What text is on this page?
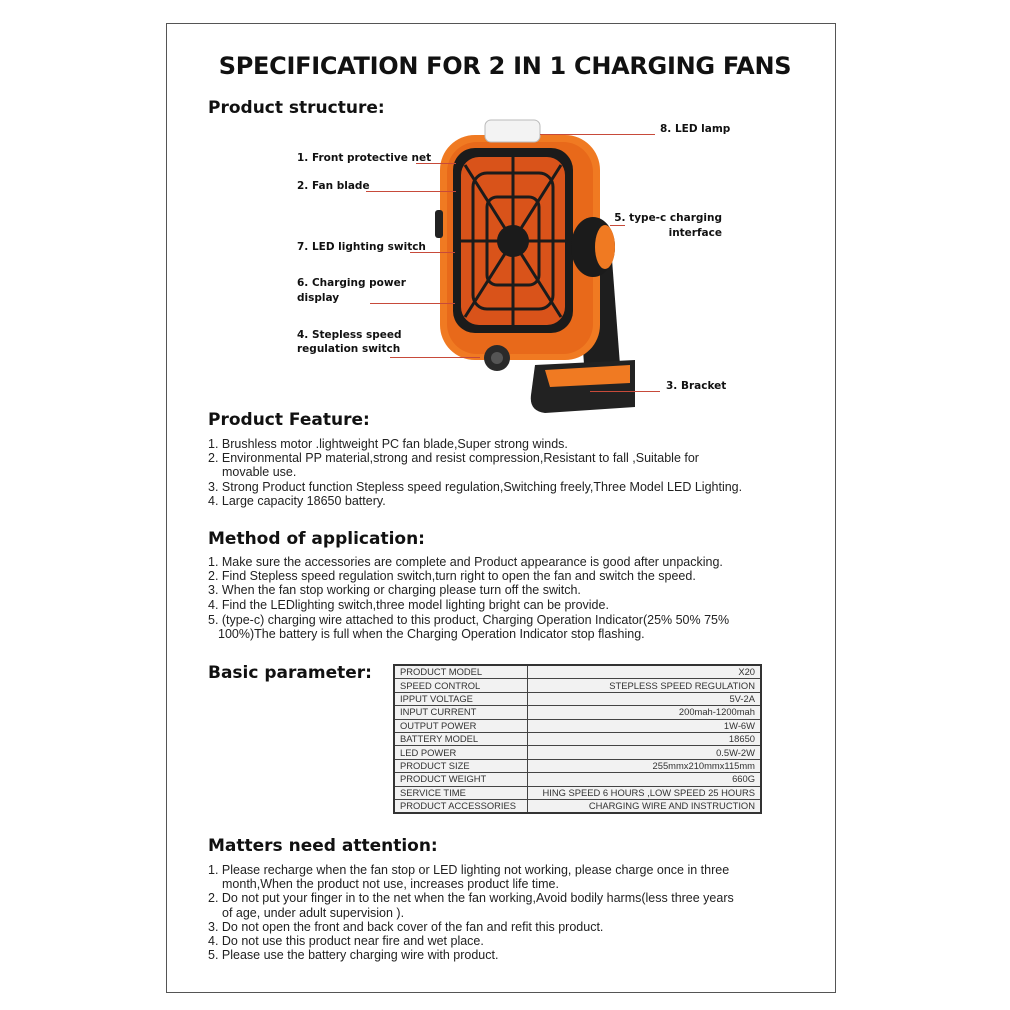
SPECIFICATION FOR 2 IN 1 CHARGING FANS
Product structure:
1. Front protective net
2. Fan blade
7. LED lighting switch
6. Charging power
display
4. Stepless speed
regulation switch
8. LED lamp
5. type-c charging
interface
3. Bracket
Product Feature:
1. Brushless motor .lightweight PC fan blade,Super strong winds.
2. Environmental PP material,strong and resist compression,Resistant to fall ,Suitable for
movable use.
3. Strong Product function Stepless speed regulation,Switching freely,Three Model LED Lighting.
4. Large capacity 18650 battery.
Method of application:
1. Make sure the accessories are complete and Product appearance is good after unpacking.
2. Find Stepless speed regulation switch,turn right to open the fan and switch the speed.
3. When the fan stop working or charging please turn off the switch.
4. Find the LEDlighting switch,three model lighting bright can be provide.
5. (type-c) charging wire attached to this product, Charging Operation Indicator(25% 50% 75%
100%)The battery is full when the Charging Operation Indicator stop flashing.
Basic parameter:	PRODUCT MODEL	X20
SPEED CONTROL	STEPLESS SPEED REGULATION
IPPUT VOLTAGE	5V-2A
INPUT CURRENT	200mah-1200mah
OUTPUT POWER	1W-6W
BATTERY MODEL	18650
LED POWER	0.5W-2W
PRODUCT SIZE	255mmx210mmx115mm
PRODUCT WEIGHT	660G
SERVICE TIME	HING SPEED 6 HOURS ,LOW SPEED 25 HOURS
PRODUCT ACCESSORIES	CHARGING WIRE AND INSTRUCTION
Matters need attention:
1. Please recharge when the fan stop or LED lighting not working, please charge once in three
month,When the product not use, increases product life time.
2. Do not put your finger in to the net when the fan working,Avoid bodily harms(less three years
of age, under adult supervision ).
3. Do not open the front and back cover of the fan and refit this product.
4. Do not use this product near fire and wet place.
5. Please use the battery charging wire with product.
